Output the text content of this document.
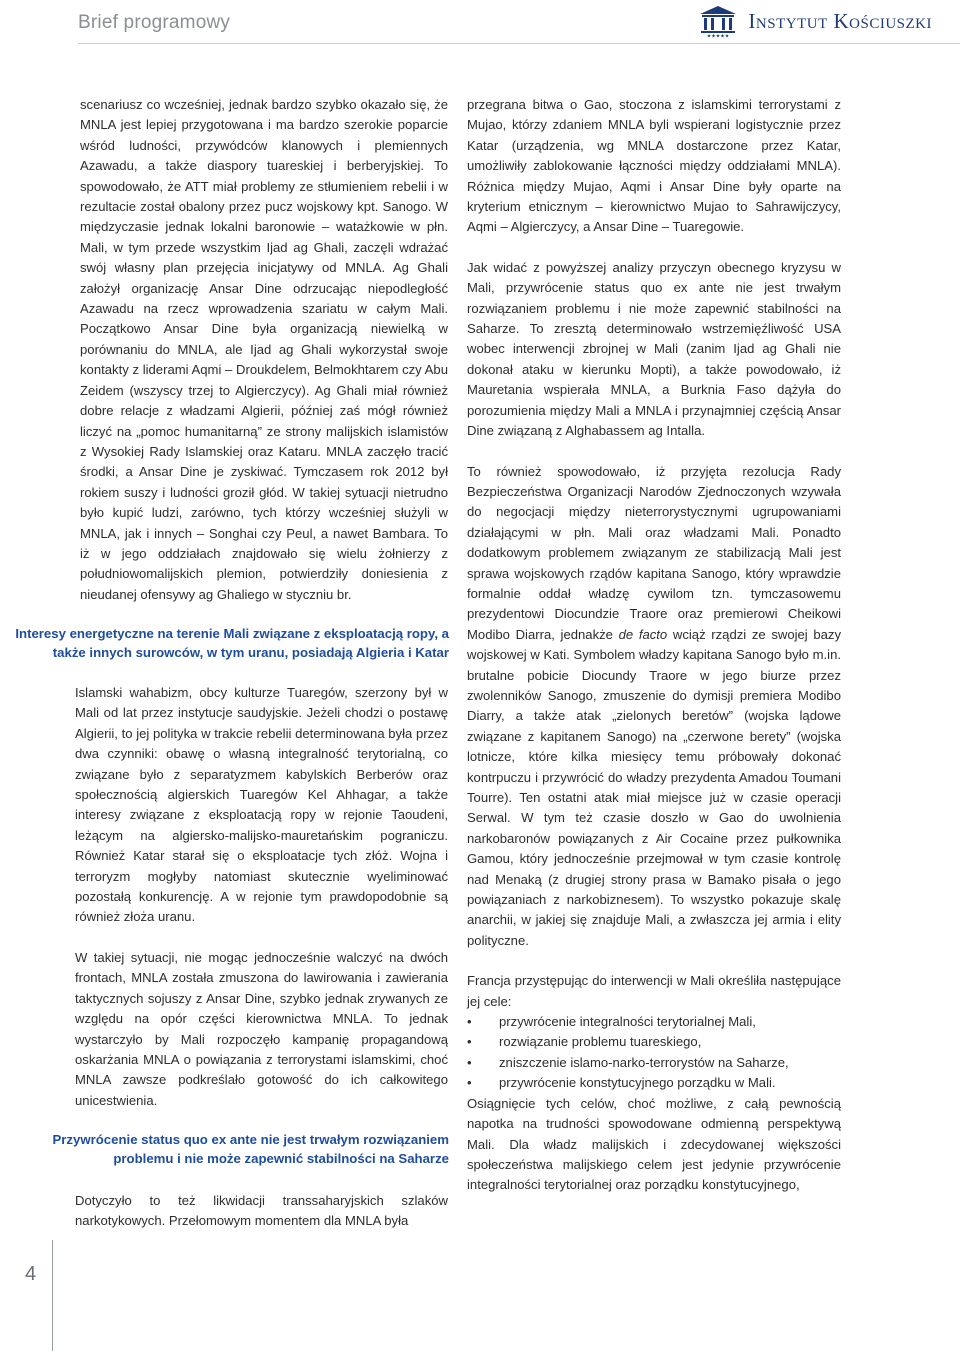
Brief programowy
★★★★★
Instytut Kościuszki

scenariusz co wcześniej, jednak bardzo szybko okazało się, że MNLA jest lepiej przygotowana i ma bardzo szerokie poparcie wśród ludności, przywódców klanowych i plemiennych Azawadu, a także diaspory tuareskiej i berberyjskiej. To spowodowało, że ATT miał problemy ze stłumieniem rebelii i w rezultacie został obalony przez pucz wojskowy kpt. Sanogo. W międzyczasie jednak lokalni baronowie – watażkowie w płn. Mali, w tym przede wszystkim Ijad ag Ghali, zaczęli wdrażać swój własny plan przejęcia inicjatywy od MNLA. Ag Ghali założył organizację Ansar Dine odrzucając niepodległość Azawadu na rzecz wprowadzenia szariatu w całym Mali. Początkowo Ansar Dine była organizacją niewielką w porównaniu do MNLA, ale Ijad ag Ghali wykorzystał swoje kontakty z liderami Aqmi – Droukdelem, Belmokhtarem czy Abu Zeidem (wszyscy trzej to Algierczycy). Ag Ghali miał również dobre relacje z władzami Algierii, później zaś mógł również liczyć na „pomoc humanitarną” ze strony malijskich islamistów z Wysokiej Rady Islamskiej oraz Kataru. MNLA zaczęło tracić środki, a Ansar Dine je zyskiwać. Tymczasem rok 2012 był rokiem suszy i ludności groził głód. W takiej sytuacji nietrudno było kupić ludzi, zarówno, tych którzy wcześniej służyli w MNLA, jak i innych – Songhai czy Peul, a nawet Bambara. To iż w jego oddziałach znajdowało się wielu żołnierzy z południowomalijskich plemion, potwierdziły doniesienia z nieudanej ofensywy ag Ghaliego w styczniu br.

Interesy energetyczne na terenie Mali związane z eksploatacją ropy, a także innych surowców, w tym uranu, posiadają Algieria i Katar

Islamski wahabizm, obcy kulturze Tuaregów, szerzony był w Mali od lat przez instytucje saudyjskie. Jeżeli chodzi o postawę Algierii, to jej polityka w trakcie rebelii determinowana była przez dwa czynniki: obawę o własną integralność terytorialną, co związane było z separatyzmem kabylskich Berberów oraz społecznością algierskich Tuaregów Kel Ahhagar, a także interesy związane z eksploatacją ropy w rejonie Taoudeni, leżącym na algiersko-malijsko-mauretańskim pograniczu. Również Katar starał się o eksploatacje tych złóż. Wojna i terroryzm mogłyby natomiast skutecznie wyeliminować pozostałą konkurencję. A w rejonie tym prawdopodobnie są również złoża uranu.

W takiej sytuacji, nie mogąc jednocześnie walczyć na dwóch frontach, MNLA została zmuszona do lawirowania i zawierania taktycznych sojuszy z Ansar Dine, szybko jednak zrywanych ze względu na opór części kierownictwa MNLA. To jednak wystarczyło by Mali rozpoczęło kampanię propagandową oskarżania MNLA o powiązania z terrorystami islamskimi, choć MNLA zawsze podkreślało gotowość do ich całkowitego unicestwienia.

Przywrócenie status quo ex ante nie jest trwałym rozwiązaniem problemu i nie może zapewnić stabilności na Saharze

Dotyczyło to też likwidacji transsaharyjskich szlaków narkotykowych. Przełomowym momentem dla MNLA była

przegrana bitwa o Gao, stoczona z islamskimi terrorystami z Mujao, którzy zdaniem MNLA byli wspierani logistycznie przez Katar (urządzenia, wg MNLA dostarczone przez Katar, umożliwiły zablokowanie łączności między oddziałami MNLA). Różnica między Mujao, Aqmi i Ansar Dine były oparte na kryterium etnicznym – kierownictwo Mujao to Sahrawijczycy, Aqmi – Algierczycy, a Ansar Dine – Tuaregowie.

Jak widać z powyższej analizy przyczyn obecnego kryzysu w Mali, przywrócenie status quo ex ante nie jest trwałym rozwiązaniem problemu i nie może zapewnić stabilności na Saharze. To zresztą determinowało wstrzemięźliwość USA wobec interwencji zbrojnej w Mali (zanim Ijad ag Ghali nie dokonał ataku w kierunku Mopti), a także powodowało, iż Mauretania wspierała MNLA, a Burknia Faso dążyła do porozumienia między Mali a MNLA i przynajmniej częścią Ansar Dine związaną z Alghabassem ag Intalla.

To również spowodowało, iż przyjęta rezolucja Rady Bezpieczeństwa Organizacji Narodów Zjednoczonych wzywała do negocjacji między nieterrorystycznymi ugrupowaniami działającymi w płn. Mali oraz władzami Mali. Ponadto dodatkowym problemem związanym ze stabilizacją Mali jest sprawa wojskowych rządów kapitana Sanogo, który wprawdzie formalnie oddał władzę cywilom tzn. tymczasowemu prezydentowi Diocundzie Traore oraz premierowi Cheikowi Modibo Diarra, jednakże de facto wciąż rządzi ze swojej bazy wojskowej w Kati. Symbolem władzy kapitana Sanogo było m.in. brutalne pobicie Diocundy Traore w jego biurze przez zwolenników Sanogo, zmuszenie do dymisji premiera Modibo Diarry, a także atak „zielonych beretów” (wojska lądowe związane z kapitanem Sanogo) na „czerwone berety” (wojska lotnicze, które kilka miesięcy temu próbowały dokonać kontrpuczu i przywrócić do władzy prezydenta Amadou Toumani Tourre). Ten ostatni atak miał miejsce już w czasie operacji Serwal. W tym też czasie doszło w Gao do uwolnienia narkobaronów powiązanych z Air Cocaine przez pułkownika Gamou, który jednocześnie przejmował w tym czasie kontrolę nad Menaką (z drugiej strony prasa w Bamako pisała o jego powiązaniach z narkobiznesem). To wszystko pokazuje skalę anarchii, w jakiej się znajduje Mali, a zwłaszcza jej armia i elity polityczne.

Francja przystępując do interwencji w Mali określiła następujące jej cele:

• przywrócenie integralności terytorialnej Mali,
• rozwiązanie problemu tuareskiego,
• zniszczenie islamo-narko-terrorystów na Saharze,
• przywrócenie konstytucyjnego porządku w Mali.

Osiągnięcie tych celów, choć możliwe, z całą pewnością napotka na trudności spowodowane odmienną perspektywą Mali. Dla władz malijskich i zdecydowanej większości społeczeństwa malijskiego celem jest jedynie przywrócenie integralności terytorialnej oraz porządku konstytucyjnego,

4
